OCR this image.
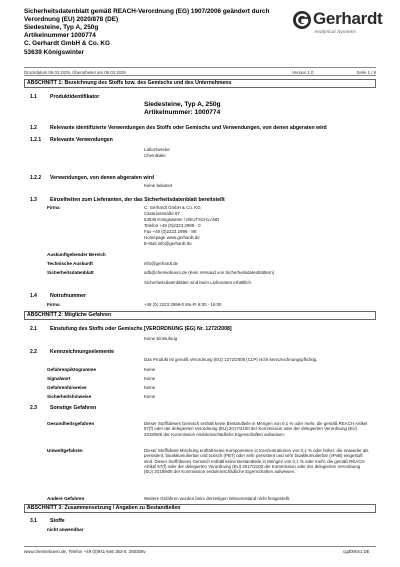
Sicherheitsdatenblatt gemäß REACH-Verordnung (EG) 1907/2006 geändert durch Verordnung (EU) 2020/878 (DE)
Siedesteine, Typ A, 250g
Artikelnummer 1000774
C. Gerhardt GmbH & Co. KG
53639 Königswinter
Gerhardt
Analytical Systems
Druckdatum 06.03.2025, Überarbeitet am 06.03.2025	Version 1.0	Seite 1 / 9
ABSCHNITT 1: Bezeichnung des Stoffs bzw. des Gemischs und des Unternehmens
1.1	Produktidentifikator
Siedesteine, Typ A, 250g
Artikelnummer: 1000774
1.2	Relevante identifizierte Verwendungen des Stoffs oder Gemischs und Verwendungen, von denen abgeraten wird
1.2.1 Relevante Verwendungen
Laborzwecke
Chemikalie
1.2.2 Verwendungen, von denen abgeraten wird
Keine bekannt
1.3	Einzelheiten zum Lieferanten, der das Sicherheitsdatenblatt bereitstellt
Firma	C. Gerhardt GmbH & Co. KG
Cäsariusstraße 97
53639 Königswinter / DEUTSCHLAND
Telefon +49 (0)2223 2999 - 0
Fax +49 (0)2223 2999 - 99
Homepage www.gerhardt.de
E-Mail info@gerhardt.de
Auskunftgebender Bereich
Technische Auskunft	info@gerhardt.de
Sicherheitsdatenblatt	sdb@chemiebuero.de (Kein Versand von Sicherheitsdatenblättern)
Sicherheitsdatenblätter sind beim Lieferanten erhältlich.
1.4	Notrufnummer
Firma	+49 (0) 2223 2999-0 Mo-Fr 8:00 - 16:00
ABSCHNITT 2: Mögliche Gefahren
2.1	Einstufung des Stoffs oder Gemischs [VERORDNUNG (EG) Nr. 1272/2008]
Keine Einstufung
2.2	Kennzeichnungselemente
Das Produkt ist gemäß Verordnung (EG) 1272/2008 (CLP) nicht kennzeichnungspflichtig.
Gefahrenpiktogramme	Keine
Signalwort	Keine
Gefahrenhinweise	Keine
Sicherheitshinweise	Keine
2.3	Sonstige Gefahren
Gesundheitsgefahren	Dieser Stoff/dieses Gemisch enthält keine Bestandteile in Mengen von 0,1 % oder mehr, die gemäß REACH Artikel 57(f) oder der delegierten Verordnung (EU) 2017/2100 der Kommission oder der delegierten Verordnung (EU) 2018/605 der Kommission endokrinschädliche Eigenschaften aufweisen.
Umweltgefahren	Dieser Stoff/diese Mischung enthält keine Komponenten in Konzentrationen von 0,1 % oder höher, die entweder als persistent, bioakkumulierbar und toxisch (PBT) oder sehr persistent und sehr bioakkumulierbar (vPvB) eingestuft sind. Dieser Stoff/dieses Gemisch enthält keine Bestandteile in Mengen von 0,1 % oder mehr, die gemäß REACH Artikel 57(f) oder der delegierten Verordnung (EU) 2017/2100 der Kommission oder der delegierten Verordnung (EU) 2018/605 der Kommission endokrinschädliche Eigenschaften aufweisen.
Andere Gefahren	Weitere Gefahren wurden beim derzeitigen Wissensstand nicht festgestellt.
ABSCHNITT 3: Zusammensetzung / Angaben zu Bestandteilen
3.1	Stoffe
nicht anwendbar
www.chemiebuero.de, Telefon +49 (0)941-646 353-0, 250305v	cgd00041 DE
